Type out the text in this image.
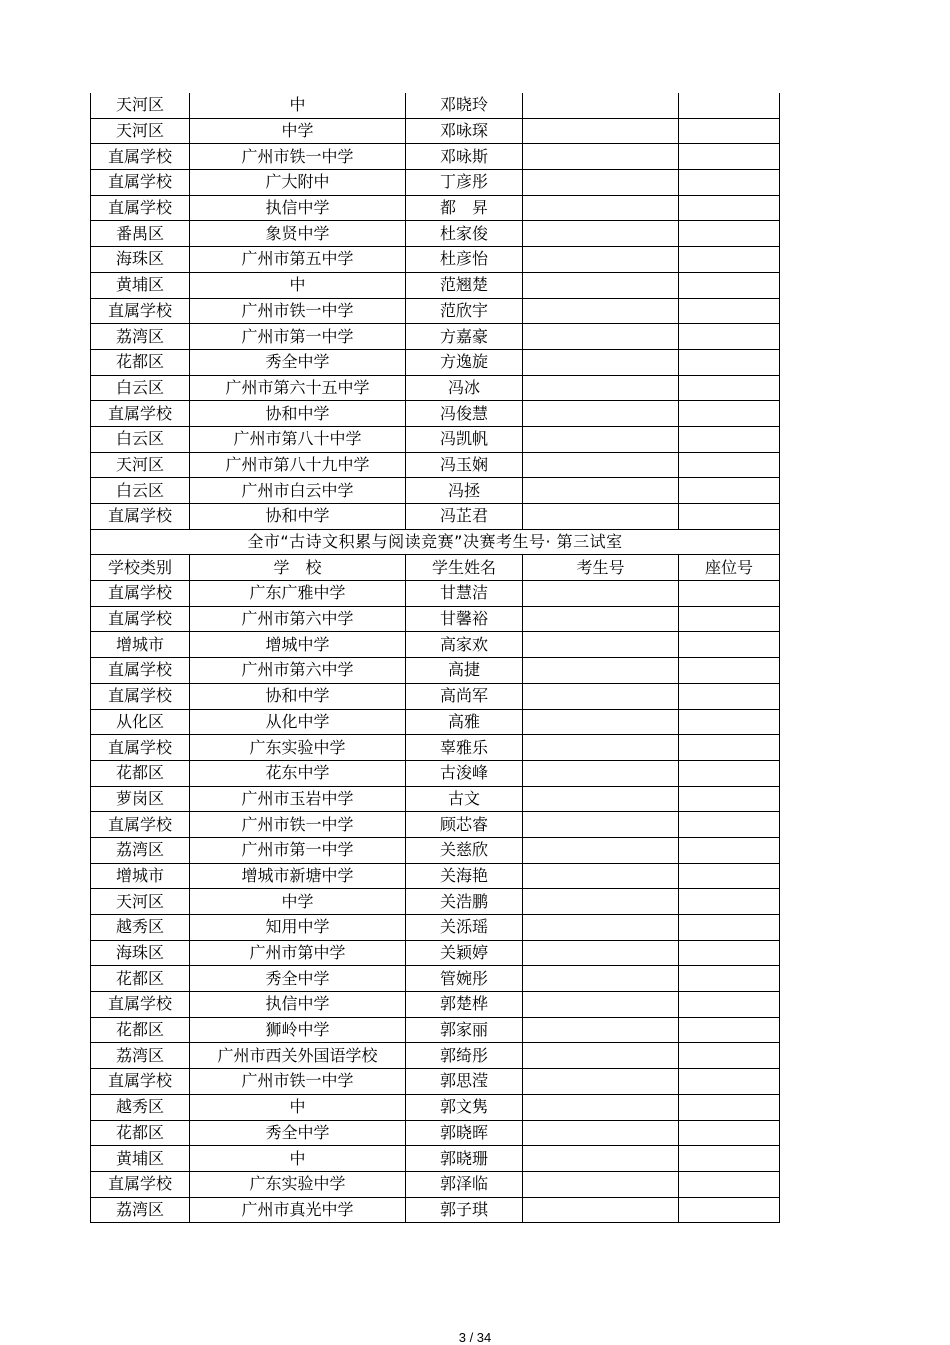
天河区	中	邓晓玲		
天河区	中学	邓咏琛		
直属学校	广州市铁一中学	邓咏斯		
直属学校	广大附中	丁彦彤		
直属学校	执信中学	都　昇		
番禺区	象贤中学	杜家俊		
海珠区	广州市第五中学	杜彦怡		
黄埔区	中	范翘楚		
直属学校	广州市铁一中学	范欣宇		
荔湾区	广州市第一中学	方嘉豪		
花都区	秀全中学	方逸旋		
白云区	广州市第六十五中学	冯冰		
直属学校	协和中学	冯俊慧		
白云区	广州市第八十中学	冯凯帆		
天河区	广州市第八十九中学	冯玉娴		
白云区	广州市白云中学	冯拯		
直属学校	协和中学	冯芷君		
全市“古诗文积累与阅读竞赛”决赛考生号· 第三试室				
学校类别	学　校	学生姓名	考生号	座位号
直属学校	广东广雅中学	甘慧洁		
直属学校	广州市第六中学	甘馨裕		
增城市	增城中学	高家欢		
直属学校	广州市第六中学	高捷		
直属学校	协和中学	高尚军		
从化区	从化中学	高雅		
直属学校	广东实验中学	辜雅乐		
花都区	花东中学	古浚峰		
萝岗区	广州市玉岩中学	古文		
直属学校	广州市铁一中学	顾芯睿		
荔湾区	广州市第一中学	关慈欣		
增城市	增城市新塘中学	关海艳		
天河区	中学	关浩鹏		
越秀区	知用中学	关泺瑶		
海珠区	广州市第中学	关颖婷		
花都区	秀全中学	管婉彤		
直属学校	执信中学	郭楚桦		
花都区	狮岭中学	郭家丽		
荔湾区	广州市西关外国语学校	郭绮彤		
直属学校	广州市铁一中学	郭思滢		
越秀区	中	郭文隽		
花都区	秀全中学	郭晓晖		
黄埔区	中	郭晓珊		
直属学校	广东实验中学	郭泽临		
荔湾区	广州市真光中学	郭子琪		
3 / 34
